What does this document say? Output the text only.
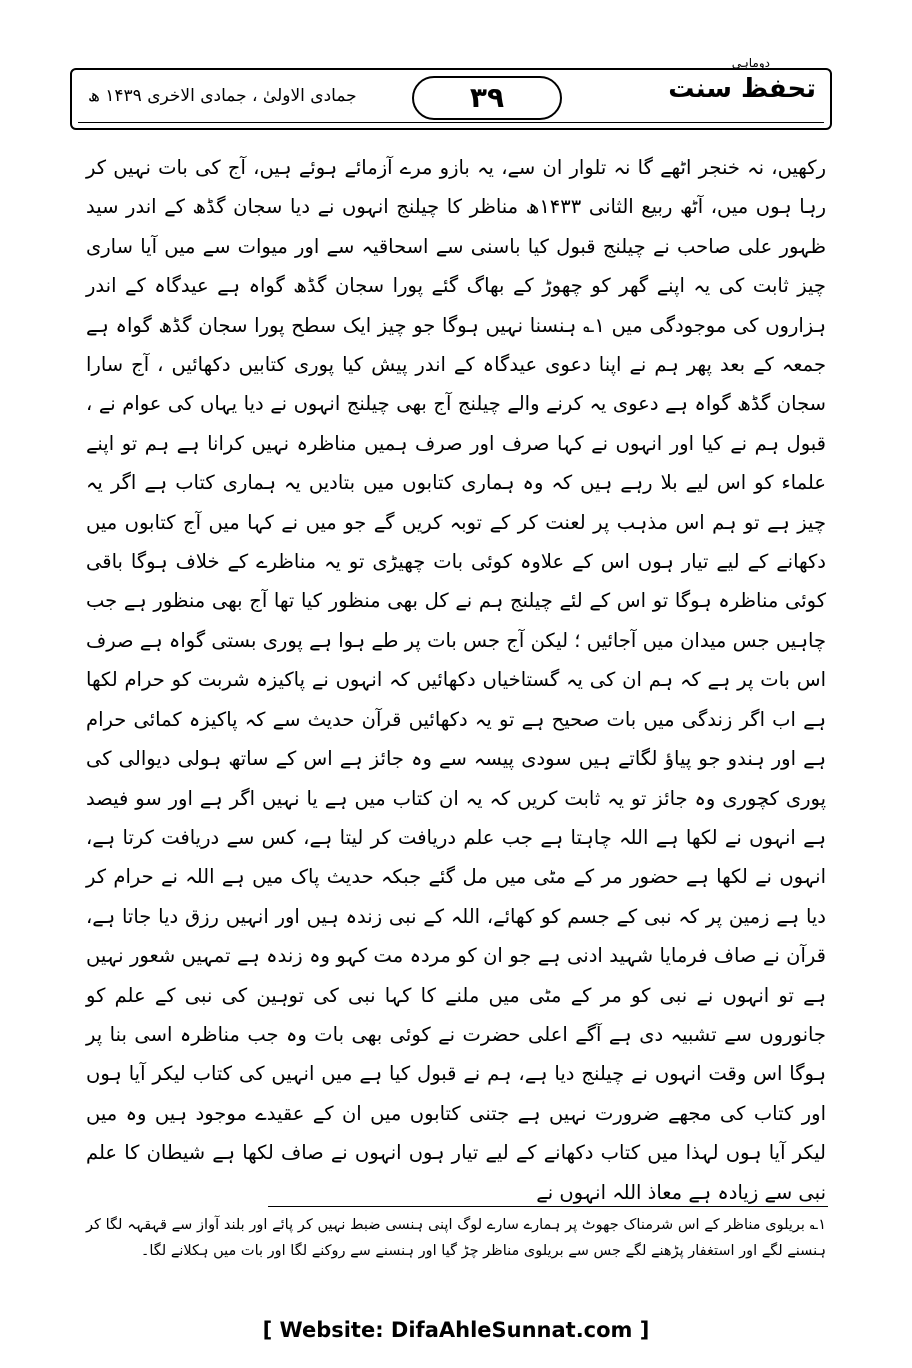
دوماہی
تحفظ سنت
۳۹
جمادی الاولیٰ ، جمادی الاخری ۱۴۳۹ ھ

رکھیں، نہ خنجر اٹھے گا نہ تلوار ان سے، یہ بازو مرے آزمائے ہوئے ہیں، آج کی بات نہیں کر رہا ہوں میں، آٹھ ربیع الثانی ۱۴۳۳ھ مناظر کا چیلنج انہوں نے دیا سجان گڈھ کے اندر سید ظہور علی صاحب نے چیلنج قبول کیا باسنی سے اسحاقیہ سے اور میوات سے میں آیا ساری چیز ثابت کی یہ اپنے گھر کو چھوڑ کے بھاگ گئے پورا سجان گڈھ گواہ ہے عیدگاہ کے اندر ہزاروں کی موجودگی میں ۱؎ ہنسنا نہیں ہوگا جو چیز ایک سطح پورا سجان گڈھ گواہ ہے جمعہ کے بعد پھر ہم نے اپنا دعوی عیدگاہ کے اندر پیش کیا پوری کتابیں دکھائیں ، آج سارا سجان گڈھ گواہ ہے دعوی یہ کرنے والے چیلنج آج بھی چیلنج انہوں نے دیا یہاں کی عوام نے ، قبول ہم نے کیا اور انہوں نے کہا صرف اور صرف ہمیں مناظرہ نہیں کرانا ہے ہم تو اپنے علماء کو اس لیے بلا رہے ہیں کہ وہ ہماری کتابوں میں بتادیں یہ ہماری کتاب ہے اگر یہ چیز ہے تو ہم اس مذہب پر لعنت کر کے توبہ کریں گے جو میں نے کہا میں آج کتابوں میں دکھانے کے لیے تیار ہوں اس کے علاوہ کوئی بات چھیڑی تو یہ مناظرے کے خلاف ہوگا باقی کوئی مناظرہ ہوگا تو اس کے لئے چیلنج ہم نے کل بھی منظور کیا تھا آج بھی منظور ہے جب چاہیں جس میدان میں آجائیں ؛ لیکن آج جس بات پر طے ہوا ہے پوری بستی گواہ ہے صرف اس بات پر ہے کہ ہم ان کی یہ گستاخیاں دکھائیں کہ انہوں نے پاکیزہ شربت کو حرام لکھا ہے اب اگر زندگی میں بات صحیح ہے تو یہ دکھائیں قرآن حدیث سے کہ پاکیزہ کمائی حرام ہے اور ہندو جو پیاؤ لگاتے ہیں سودی پیسہ سے وہ جائز ہے اس کے ساتھ ہولی دیوالی کی پوری کچوری وہ جائز تو یہ ثابت کریں کہ یہ ان کتاب میں ہے یا نہیں اگر ہے اور سو فیصد ہے انہوں نے لکھا ہے اللہ چاہتا ہے جب علم دریافت کر لیتا ہے، کس سے دریافت کرتا ہے، انہوں نے لکھا ہے حضور مر کے مٹی میں مل گئے جبکہ حدیث پاک میں ہے اللہ نے حرام کر دیا ہے زمین پر کہ نبی کے جسم کو کھائے، اللہ کے نبی زندہ ہیں اور انہیں رزق دیا جاتا ہے، قرآن نے صاف فرمایا شہید ادنی ہے جو ان کو مردہ مت کہو وہ زندہ ہے تمہیں شعور نہیں ہے تو انہوں نے نبی کو مر کے مٹی میں ملنے کا کہا نبی کی توہین کی نبی کے علم کو جانوروں سے تشبیہ دی ہے آگے اعلی حضرت نے کوئی بھی بات وہ جب مناظرہ اسی بنا پر ہوگا اس وقت انہوں نے چیلنج دیا ہے، ہم نے قبول کیا ہے میں انہیں کی کتاب لیکر آیا ہوں اور کتاب کی مجھے ضرورت نہیں ہے جتنی کتابوں میں ان کے عقیدے موجود ہیں وہ میں لیکر آیا ہوں لہذا میں کتاب دکھانے کے لیے تیار ہوں انہوں نے صاف لکھا ہے شیطان کا علم نبی سے زیادہ ہے معاذ اللہ انہوں نے

۱؎ بریلوی مناظر کے اس شرمناک جھوٹ پر ہمارے سارے لوگ اپنی ہنسی ضبط نہیں کر پائے اور بلند آواز سے قہقہہ لگا کر ہنسنے لگے اور استغفار پڑھنے لگے جس سے بریلوی مناظر چڑ گیا اور ہنسنے سے روکنے لگا اور بات میں ہکلانے لگا۔

[ Website: DifaAhleSunnat.com ]
